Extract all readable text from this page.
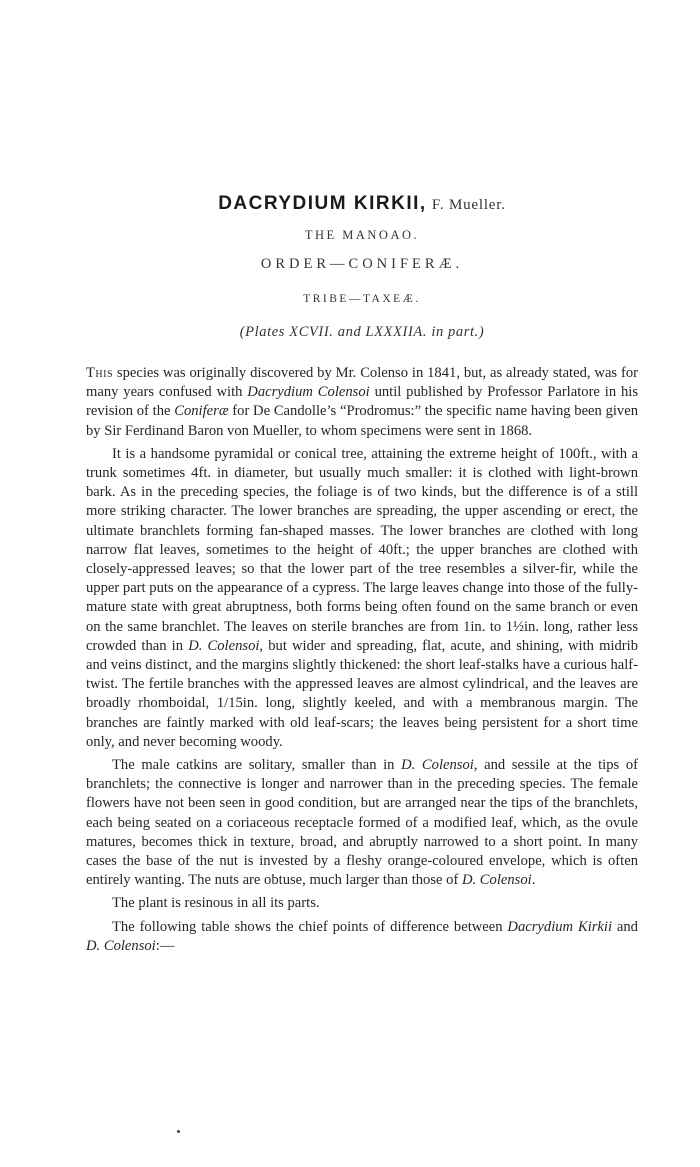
DACRYDIUM KIRKII, F. Mueller.
THE MANOAO.
ORDER—CONIFERÆ.
TRIBE—TAXEÆ.
(Plates XCVII. and LXXXIIA. in part.)

This species was originally discovered by Mr. Colenso in 1841, but, as already stated, was for many years confused with Dacrydium Colensoi until published by Professor Parlatore in his revision of the Coniferæ for De Candolle’s “Prodromus:” the specific name having been given by Sir Ferdinand Baron von Mueller, to whom specimens were sent in 1868.

It is a handsome pyramidal or conical tree, attaining the extreme height of 100ft., with a trunk sometimes 4ft. in diameter, but usually much smaller: it is clothed with light-brown bark. As in the preceding species, the foliage is of two kinds, but the difference is of a still more striking character. The lower branches are spreading, the upper ascending or erect, the ultimate branchlets forming fan-shaped masses. The lower branches are clothed with long narrow flat leaves, sometimes to the height of 40ft.; the upper branches are clothed with closely-appressed leaves; so that the lower part of the tree resembles a silver-fir, while the upper part puts on the appearance of a cypress. The large leaves change into those of the fully-mature state with great abruptness, both forms being often found on the same branch or even on the same branchlet. The leaves on sterile branches are from 1in. to 1½in. long, rather less crowded than in D. Colensoi, but wider and spreading, flat, acute, and shining, with midrib and veins distinct, and the margins slightly thickened: the short leaf-stalks have a curious half-twist. The fertile branches with the appressed leaves are almost cylindrical, and the leaves are broadly rhomboidal, 1/15in. long, slightly keeled, and with a membranous margin. The branches are faintly marked with old leaf-scars; the leaves being persistent for a short time only, and never becoming woody.

The male catkins are solitary, smaller than in D. Colensoi, and sessile at the tips of branchlets; the connective is longer and narrower than in the preceding species. The female flowers have not been seen in good condition, but are arranged near the tips of the branchlets, each being seated on a coriaceous receptacle formed of a modified leaf, which, as the ovule matures, becomes thick in texture, broad, and abruptly narrowed to a short point. In many cases the base of the nut is invested by a fleshy orange-coloured envelope, which is often entirely wanting. The nuts are obtuse, much larger than those of D. Colensoi.

The plant is resinous in all its parts.

The following table shows the chief points of difference between Dacrydium Kirkii and D. Colensoi:—
